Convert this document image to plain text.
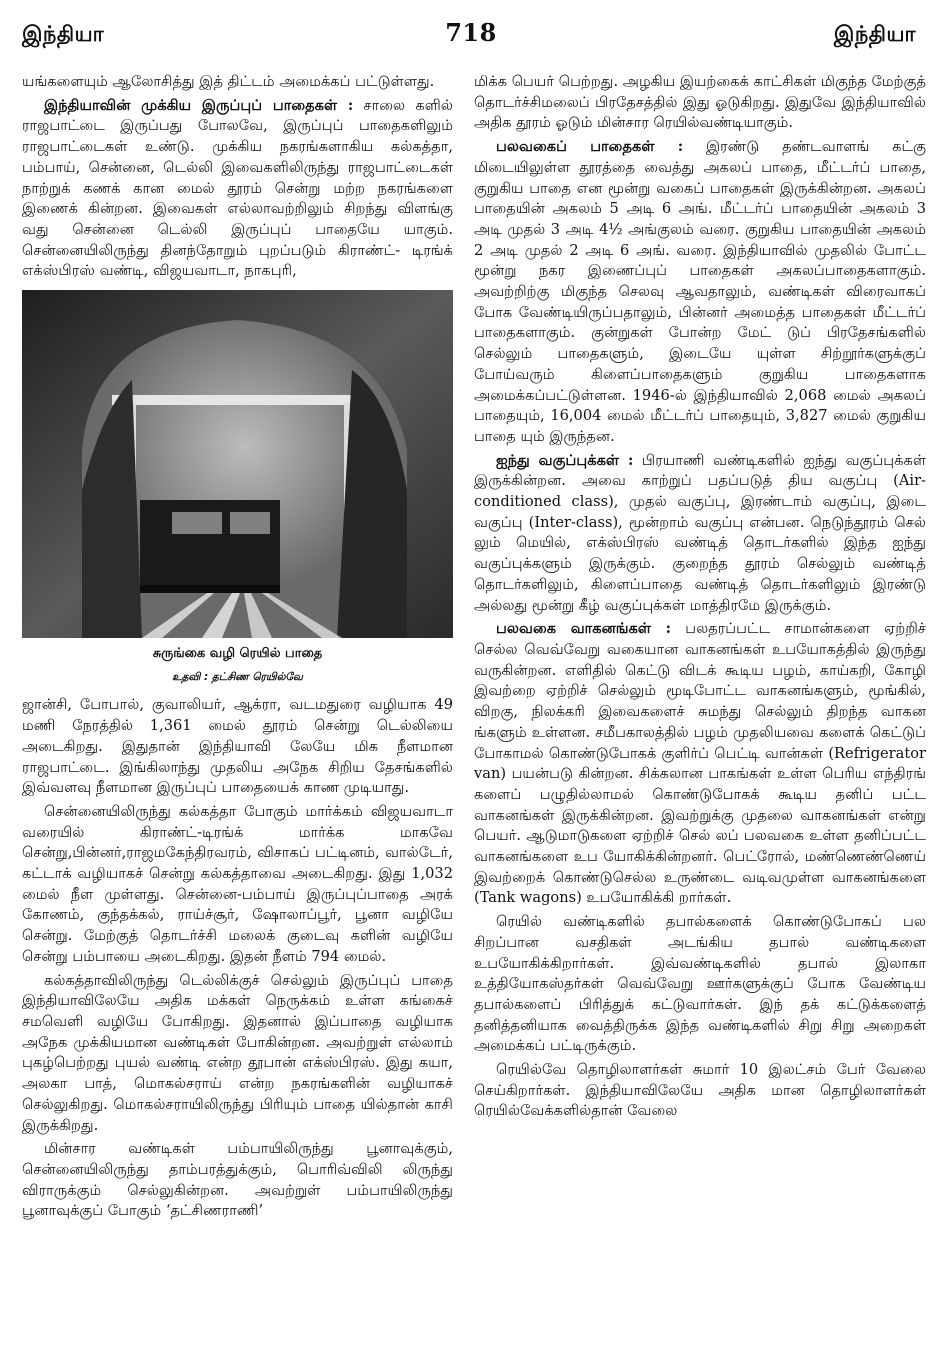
இந்தியா	718	இந்தியா

யங்களையும் ஆலோசித்து இத் திட்டம் அமைக்கப் பட்டுள்ளது.

இந்தியாவின் முக்கிய இருப்புப் பாதைகள் : சாலை களில் ராஜபாட்டை இருப்பது போலவே, இருப்புப் பாதைகளிலும் ராஜபாட்டைகள் உண்டு. முக்கிய நகரங்களாகிய கல்கத்தா, பம்பாய், சென்னை, டெல்லி இவைகளிலிருந்து ராஜபாட்டைகள் நாற்றுக் கணக் கான மைல் தூரம் சென்று மற்ற நகரங்களை இணைக் கின்றன. இவைகள் எல்லாவற்றிலும் சிறந்து விளங்கு வது சென்னை டெல்லி இருப்புப் பாதையே யாகும். சென்னையிலிருந்து தினந்தோறும் புறப்படும் கிராண்ட்- டிரங்க் எக்ஸ்பிரஸ் வண்டி, விஜயவாடா, நாகபுரி,

சுருங்கை வழி ரெயில் பாதை

உதவி : தட்சிண ரெயில்வே

ஜான்சி, போபால், குவாலியர், ஆக்ரா, வடமதுரை வழியாக 49 மணி நேரத்தில் 1,361 மைல் தூரம் சென்று டெல்லியை அடைகிறது. இதுதான் இந்தியாவி லேயே மிக நீளமான ராஜபாட்டை. இங்கிலாந்து முதலிய அநேக சிறிய தேசங்களில் இவ்வளவு நீளமான இருப்புப் பாதையைக் காண முடியாது.

சென்னையிலிருந்து கல்கத்தா போகும் மார்க்கம் விஜயவாடா வரையில் கிராண்ட்-டிரங்க் மார்க்க மாகவே சென்று,பின்னர்,ராஜமகேந்திரவரம், விசாகப் பட்டினம், வால்டேர், கட்டாக் வழியாகச் சென்று கல்கத்தாவை அடைகிறது. இது 1,032 மைல் நீள முள்ளது. சென்னை-பம்பாய் இருப்புப்பாதை அரக் கோணம், குந்தக்கல், ராய்ச்சூர், ஷோலாப்பூர், பூனா வழியே சென்று. மேற்குத் தொடர்ச்சி மலைக் குடைவு களின் வழியே சென்று பம்பாயை அடைகிறது. இதன் நீளம் 794 மைல்.

கல்கத்தாவிலிருந்து டெல்லிக்குச் செல்லும் இருப்புப் பாதை இந்தியாவிலேயே அதிக மக்கள் நெருக்கம் உள்ள கங்கைச் சமவெளி வழியே போகிறது. இதனால் இப்பாதை வழியாக அநேக முக்கியமான வண்டிகள் போகின்றன. அவற்றுள் எல்லாம் புகழ்பெற்றது புயல் வண்டி என்ற தூபான் எக்ஸ்பிரஸ். இது கயா, அலகா பாத், மொகல்சராய் என்ற நகரங்களின் வழியாகச் செல்லுகிறது. மொகல்சராயிலிருந்து பிரியும் பாதை யில்தான் காசி இருக்கிறது.

மின்சார வண்டிகள் பம்பாயிலிருந்து பூனாவுக்கும், சென்னையிலிருந்து தாம்பரத்துக்கும், பொரிவ்விலி லிருந்து விராருக்கும் செல்லுகின்றன. அவற்றுள் பம்பாயிலிருந்து பூனாவுக்குப் போகும் ‘தட்சிணராணி’

மிக்க பெயர் பெற்றது. அழகிய இயற்கைக் காட்சிகள் மிகுந்த மேற்குத் தொடர்ச்சிமலைப் பிரதேசத்தில் இது ஓடுகிறது. இதுவே இந்தியாவில் அதிக தூரம் ஓடும் மின்சார ரெயில்வண்டியாகும்.

பலவகைப் பாதைகள் : இரண்டு தண்டவாளங் கட்கு மிடையிலுள்ள தூரத்தை வைத்து அகலப் பாதை, மீட்டர்ப் பாதை, குறுகிய பாதை என மூன்று வகைப் பாதைகள் இருக்கின்றன. அகலப் பாதையின் அகலம் 5 அடி 6 அங். மீட்டர்ப் பாதையின் அகலம் 3 அடி முதல் 3 அடி 4½ அங்குலம் வரை. குறுகிய பாதையின் அகலம் 2 அடி முதல் 2 அடி 6 அங். வரை. இந்தியாவில் முதலில் போட்ட மூன்று நகர இணைப்புப் பாதைகள் அகலப்பாதைகளாகும். அவற்றிற்கு மிகுந்த செலவு ஆவதாலும், வண்டிகள் விரைவாகப் போக வேண்டியிருப்பதாலும், பின்னர் அமைத்த பாதைகள் மீட்டர்ப் பாதைகளாகும். குன்றுகள் போன்ற மேட் டுப் பிரதேசங்களில் செல்லும் பாதைகளும், இடையே யுள்ள சிற்றூர்களுக்குப் போய்வரும் கிளைப்பாதைகளும் குறுகிய பாதைகளாக அமைக்கப்பட்டுள்ளன. 1946-ல் இந்தியாவில் 2,068 மைல் அகலப் பாதையும், 16,004 மைல் மீட்டர்ப் பாதையும், 3,827 மைல் குறுகிய பாதை யும் இருந்தன.

ஐந்து வகுப்புக்கள் : பிரயாணி வண்டிகளில் ஐந்து வகுப்புக்கள் இருக்கின்றன. அவை காற்றுப் பதப்படுத் திய வகுப்பு (Air-conditioned class), முதல் வகுப்பு, இரண்டாம் வகுப்பு, இடை வகுப்பு (Inter-class), மூன்றாம் வகுப்பு என்பன. நெடுந்தூரம் செல் லும் மெயில், எக்ஸ்பிரஸ் வண்டித் தொடர்களில் இந்த ஐந்து வகுப்புக்களும் இருக்கும். குறைந்த தூரம் செல்லும் வண்டித் தொடர்களிலும், கிளைப்பாதை வண்டித் தொடர்களிலும் இரண்டு அல்லது மூன்று கீழ் வகுப்புக்கள் மாத்திரமே இருக்கும்.

பலவகை வாகனங்கள் : பலதரப்பட்ட சாமான்களை ஏற்றிச் செல்ல வெவ்வேறு வகையான வாகனங்கள் உபயோகத்தில் இருந்து வருகின்றன. எளிதில் கெட்டு விடக் கூடிய பழம், காய்கறி, கோழி இவற்றை ஏற்றிச் செல்லும் மூடிபோட்ட வாகனங்களும், மூங்கில், விறகு, நிலக்கரி இவைகளைச் சுமந்து செல்லும் திறந்த வாகன ங்களும் உள்ளன. சமீபகாலத்தில் பழம் முதலியவை களைக் கெட்டுப் போகாமல் கொண்டுபோகக் குளிர்ப் பெட்டி வான்கள் (Refrigerator van) பயன்படு கின்றன. சிக்கலான பாகங்கள் உள்ள பெரிய எந்திரங் களைப் பழுதில்லாமல் கொண்டுபோகக் கூடிய தனிப் பட்ட வாகனங்கள் இருக்கின்றன. இவற்றுக்கு முதலை வாகனங்கள் என்று பெயர். ஆடுமாடுகளை ஏற்றிச் செல் லப் பலவகை உள்ள தனிப்பட்ட வாகனங்களை உப யோகிக்கின்றனர். பெட்ரோல், மண்ணெண்ணெய் இவற்றைக் கொண்டுசெல்ல உருண்டை வடிவமுள்ள வாகனங்களை (Tank wagons) உபயோகிக்கி றார்கள்.

ரெயில் வண்டிகளில் தபால்களைக் கொண்டுபோகப் பல சிறப்பான வசதிகள் அடங்கிய தபால் வண்டிகளை உபயோகிக்கிறார்கள். இவ்வண்டிகளில் தபால் இலாகா உத்தியோகஸ்தர்கள் வெவ்வேறு ஊர்களுக்குப் போக வேண்டிய தபால்களைப் பிரித்துக் கட்டுவார்கள். இந் தக் கட்டுக்களைத் தனித்தனியாக வைத்திருக்க இந்த வண்டிகளில் சிறு சிறு அறைகள் அமைக்கப் பட்டிருக்கும்.

ரெயில்வே தொழிலாளர்கள் சுமார் 10 இலட்சம் பேர் வேலை செய்கிறார்கள். இந்தியாவிலேயே அதிக மான தொழிலாளர்கள் ரெயில்வேக்களில்தான் வேலை
